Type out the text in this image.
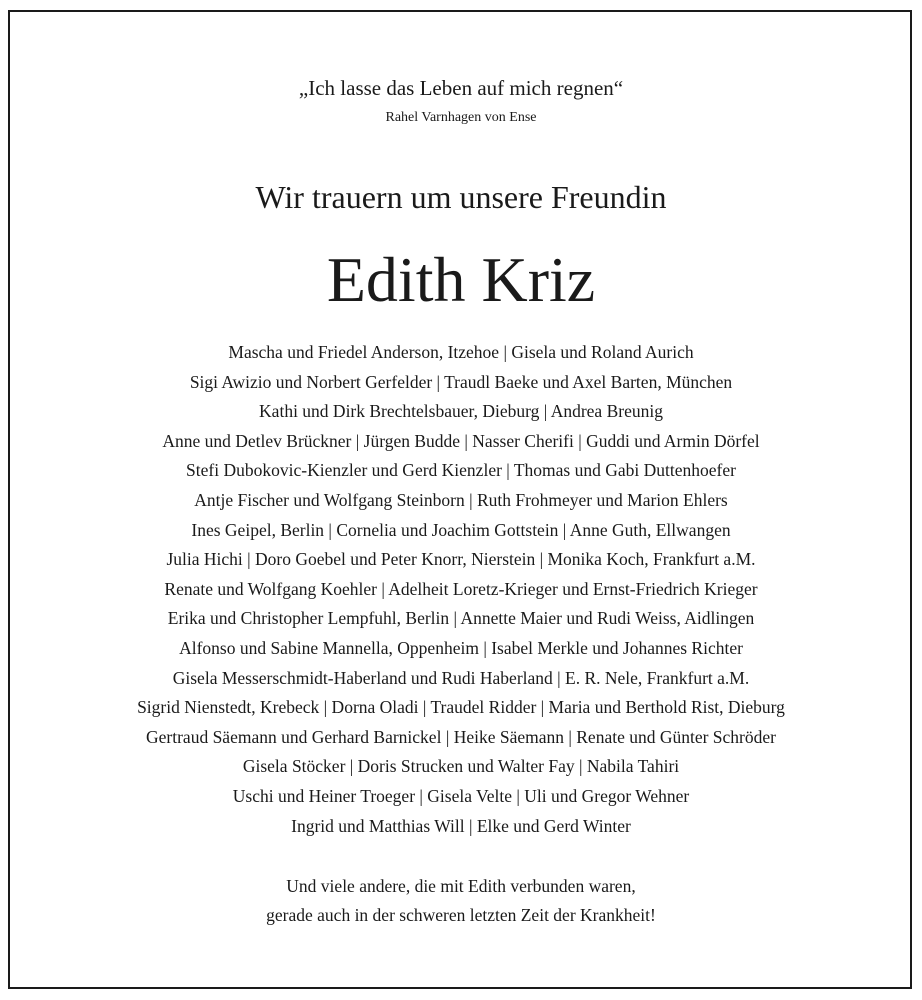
„Ich lasse das Leben auf mich regnen“
Rahel Varnhagen von Ense
Wir trauern um unsere Freundin
Edith Kriz
Mascha und Friedel Anderson, Itzehoe | Gisela und Roland Aurich
Sigi Awizio und Norbert Gerfelder | Traudl Baeke und Axel Barten, München
Kathi und Dirk Brechtelsbauer, Dieburg | Andrea Breunig
Anne und Detlev Brückner | Jürgen Budde | Nasser Cherifi | Guddi und Armin Dörfel
Stefi Dubokovic-Kienzler und Gerd Kienzler | Thomas und Gabi Duttenhoefer
Antje Fischer und Wolfgang Steinborn | Ruth Frohmeyer und Marion Ehlers
Ines Geipel, Berlin | Cornelia und Joachim Gottstein | Anne Guth, Ellwangen
Julia Hichi | Doro Goebel und Peter Knorr, Nierstein | Monika Koch, Frankfurt a.M.
Renate und Wolfgang Koehler | Adelheit Loretz-Krieger und Ernst-Friedrich Krieger
Erika und Christopher Lempfuhl, Berlin | Annette Maier und Rudi Weiss, Aidlingen
Alfonso und Sabine Mannella, Oppenheim | Isabel Merkle und Johannes Richter
Gisela Messerschmidt-Haberland und Rudi Haberland | E. R. Nele, Frankfurt a.M.
Sigrid Nienstedt, Krebeck | Dorna Oladi | Traudel Ridder | Maria und Berthold Rist, Dieburg
Gertraud Säemann und Gerhard Barnickel | Heike Säemann | Renate und Günter Schröder
Gisela Stöcker | Doris Strucken und Walter Fay | Nabila Tahiri
Uschi und Heiner Troeger | Gisela Velte | Uli und Gregor Wehner
Ingrid und Matthias Will | Elke und Gerd Winter
Und viele andere, die mit Edith verbunden waren,
gerade auch in der schweren letzten Zeit der Krankheit!
